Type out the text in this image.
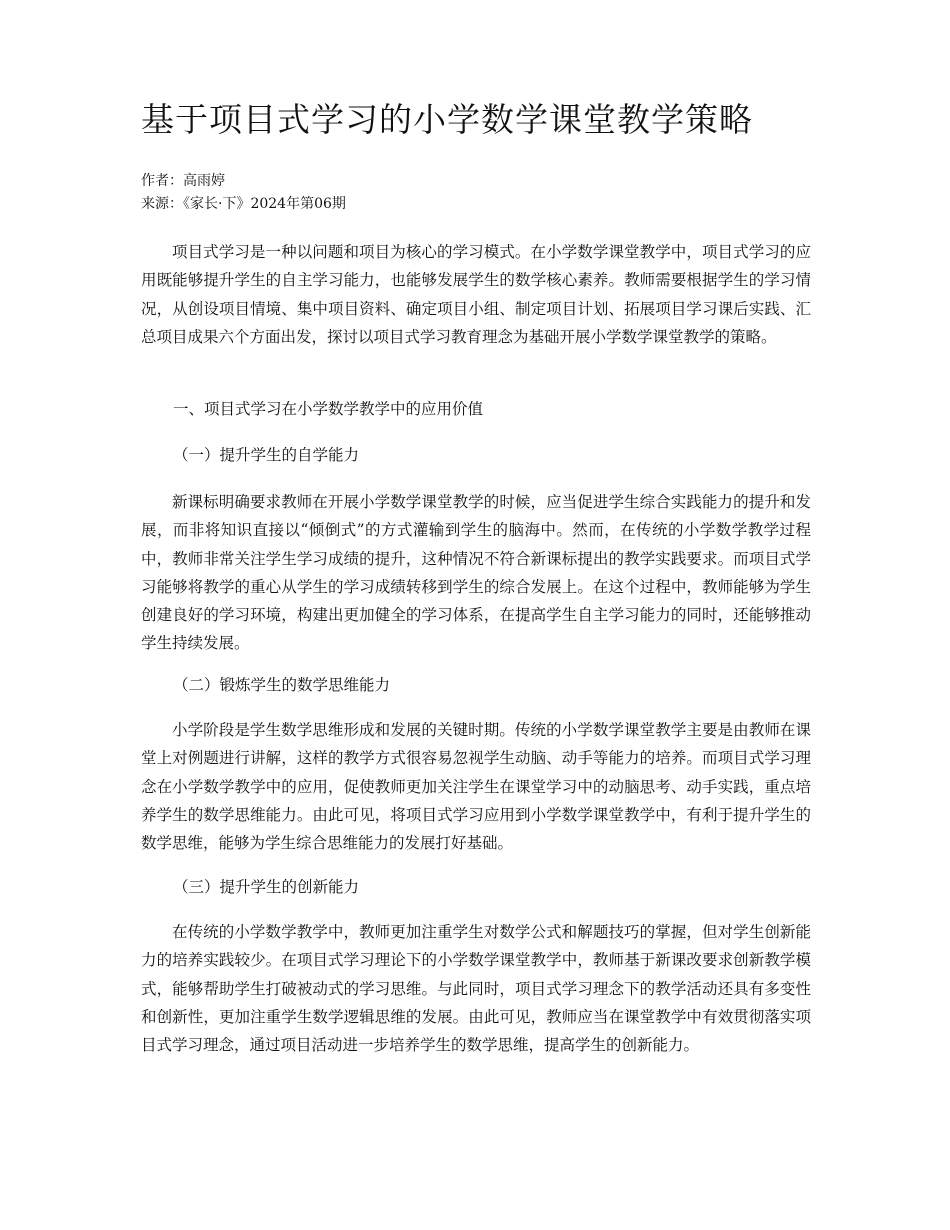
基于项目式学习的小学数学课堂教学策略
作者：高雨婷
来源：《家长·下》2024年第06期

项目式学习是一种以问题和项目为核心的学习模式。在小学数学课堂教学中，项目式学习的应用既能够提升学生的自主学习能力，也能够发展学生的数学核心素养。教师需要根据学生的学习情况，从创设项目情境、集中项目资料、确定项目小组、制定项目计划、拓展项目学习课后实践、汇总项目成果六个方面出发，探讨以项目式学习教育理念为基础开展小学数学课堂教学的策略。

一、项目式学习在小学数学教学中的应用价值

（一）提升学生的自学能力

新课标明确要求教师在开展小学数学课堂教学的时候，应当促进学生综合实践能力的提升和发展，而非将知识直接以“倾倒式”的方式灌输到学生的脑海中。然而，在传统的小学数学教学过程中，教师非常关注学生学习成绩的提升，这种情况不符合新课标提出的教学实践要求。而项目式学习能够将教学的重心从学生的学习成绩转移到学生的综合发展上。在这个过程中，教师能够为学生创建良好的学习环境，构建出更加健全的学习体系，在提高学生自主学习能力的同时，还能够推动学生持续发展。

（二）锻炼学生的数学思维能力

小学阶段是学生数学思维形成和发展的关键时期。传统的小学数学课堂教学主要是由教师在课堂上对例题进行讲解，这样的教学方式很容易忽视学生动脑、动手等能力的培养。而项目式学习理念在小学数学教学中的应用，促使教师更加关注学生在课堂学习中的动脑思考、动手实践，重点培养学生的数学思维能力。由此可见，将项目式学习应用到小学数学课堂教学中，有利于提升学生的数学思维，能够为学生综合思维能力的发展打好基础。

（三）提升学生的创新能力

在传统的小学数学教学中，教师更加注重学生对数学公式和解题技巧的掌握，但对学生创新能力的培养实践较少。在项目式学习理论下的小学数学课堂教学中，教师基于新课改要求创新教学模式，能够帮助学生打破被动式的学习思维。与此同时，项目式学习理念下的教学活动还具有多变性和创新性，更加注重学生数学逻辑思维的发展。由此可见，教师应当在课堂教学中有效贯彻落实项目式学习理念，通过项目活动进一步培养学生的数学思维，提高学生的创新能力。
